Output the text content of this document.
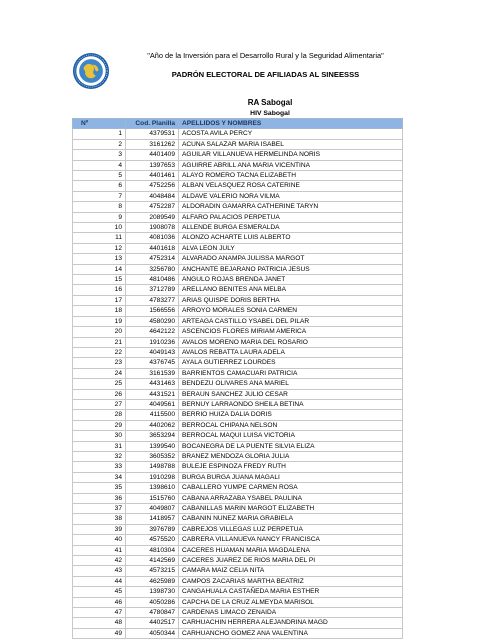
"Año de la Inversión para el Desarrollo Rural y la Seguridad Alimentaria"
PADRÓN ELECTORAL DE AFILIADAS AL SINEESSS
RA Sabogal
HIV Sabogal
Nº	Cod. Planilla	APELLIDOS Y NOMBRES
1	4379531	ACOSTA AVILA PERCY
2	3161262	ACUNA SALAZAR MARIA ISABEL
3	4401409	AGUILAR VILLANUEVA HERMELINDA NORIS
4	1397653	AGUIRRE ABRILL ANA MARIA VICENTINA
5	4401461	ALAYO ROMERO TACNA ELIZABETH
6	4752256	ALBAN VELASQUEZ ROSA CATERINE
7	4048484	ALDAVE VALERIO NORA VILMA
8	4752287	ALDORADIN GAMARRA CATHERINE TARYN
9	2089549	ALFARO PALACIOS PERPETUA
10	1908078	ALLENDE BURGA ESMERALDA
11	4081036	ALONZO ACHARTE LUIS ALBERTO
12	4401618	ALVA LEON JULY
13	4752314	ALVARADO ANAMPA JULISSA MARGOT
14	3256780	ANCHANTE BEJARANO PATRICIA JESUS
15	4810486	ANGULO ROJAS BRENDA JANET
16	3712789	ARELLANO BENITES ANA MELBA
17	4783277	ARIAS QUISPE DORIS BERTHA
18	1566556	ARROYO MORALES SONIA CARMEN
19	4580290	ARTEAGA CASTILLO YSABEL DEL PILAR
20	4642122	ASCENCIOS FLORES MIRIAM AMERICA
21	1910236	AVALOS MORENO MARIA DEL ROSARIO
22	4049143	AVALOS REBATTA LAURA ADELA
23	4376745	AYALA GUTIERREZ LOURDES
24	3161539	BARRIENTOS CAMACUARI PATRICIA
25	4431463	BENDEZU OLIVARES ANA MARIEL
26	4431521	BERAUN SANCHEZ JULIO CESAR
27	4049561	BERNUY LARRAONDO SHEILA BETINA
28	4115500	BERRIO HUIZA DALIA DORIS
29	4402062	BERROCAL CHIPANA NELSON
30	3653294	BERROCAL MAQUI LUISA VICTORIA
31	1399540	BOCANEGRA DE LA PUENTE SILVIA ELIZA
32	3605352	BRANEZ MENDOZA GLORIA JULIA
33	1498788	BULEJE ESPINOZA FREDY RUTH
34	1910298	BURGA BURGA JUANA MAGALI
35	1398610	CABALLERO YUMPE CARMEN ROSA
36	1515760	CABANA ARRAZABA YSABEL PAULINA
37	4049807	CABANILLAS MARIN MARGOT ELIZABETH
38	1418957	CABANIN NUNEZ MARIA GRABIELA
39	3976789	CABREJOS VILLEGAS LUZ PERPETUA
40	4575520	CABRERA VILLANUEVA NANCY FRANCISCA
41	4810304	CACERES HUAMAN MARIA MAGDALENA
42	4142569	CACERES JUAREZ DE RIOS MARIA DEL PI
43	4573215	CAMARA MAIZ CELIA NITA
44	4625989	CAMPOS ZACARIAS MARTHA BEATRIZ
45	1398730	CANGAHUALA CASTAÑEDA MARIA ESTHER
46	4050286	CAPCHA DE LA CRUZ ALMEYDA MARISOL
47	4780847	CARDENAS LIMACO ZENAIDA
48	4402517	CARHUACHIN HERRERA ALEJANDRINA MAGD
49	4050344	CARHUANCHO GOMEZ ANA VALENTINA
